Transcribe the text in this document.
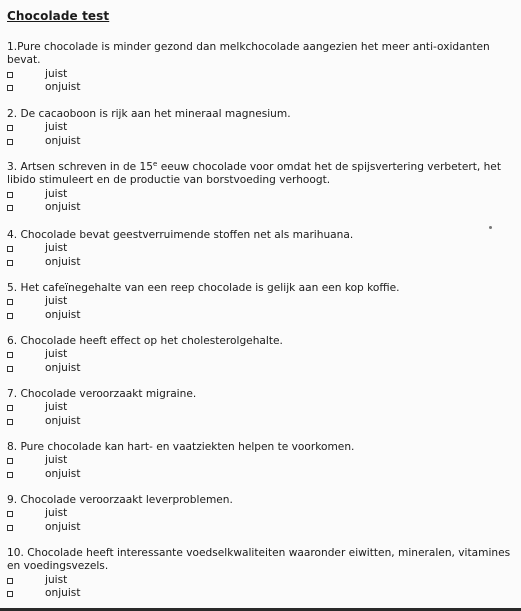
Chocolade test
1.Pure chocolade is minder gezond dan melkchocolade aangezien het meer anti-oxidanten bevat.
juist
onjuist
2. De cacaoboon is rijk aan het mineraal magnesium.
juist
onjuist
3. Artsen schreven in de 15e eeuw chocolade voor omdat het de spijsvertering verbetert, het libido stimuleert en de productie van borstvoeding verhoogt.
juist
onjuist
4. Chocolade bevat geestverruimende stoffen net als marihuana.
juist
onjuist
5. Het cafeïnegehalte van een reep chocolade is gelijk aan een kop koffie.
juist
onjuist
6. Chocolade heeft effect op het cholesterolgehalte.
juist
onjuist
7. Chocolade veroorzaakt migraine.
juist
onjuist
8. Pure chocolade kan hart- en vaatziekten helpen te voorkomen.
juist
onjuist
9. Chocolade veroorzaakt leverproblemen.
juist
onjuist
10. Chocolade heeft interessante voedselkwaliteiten waaronder eiwitten, mineralen, vitamines en voedingsvezels.
juist
onjuist
